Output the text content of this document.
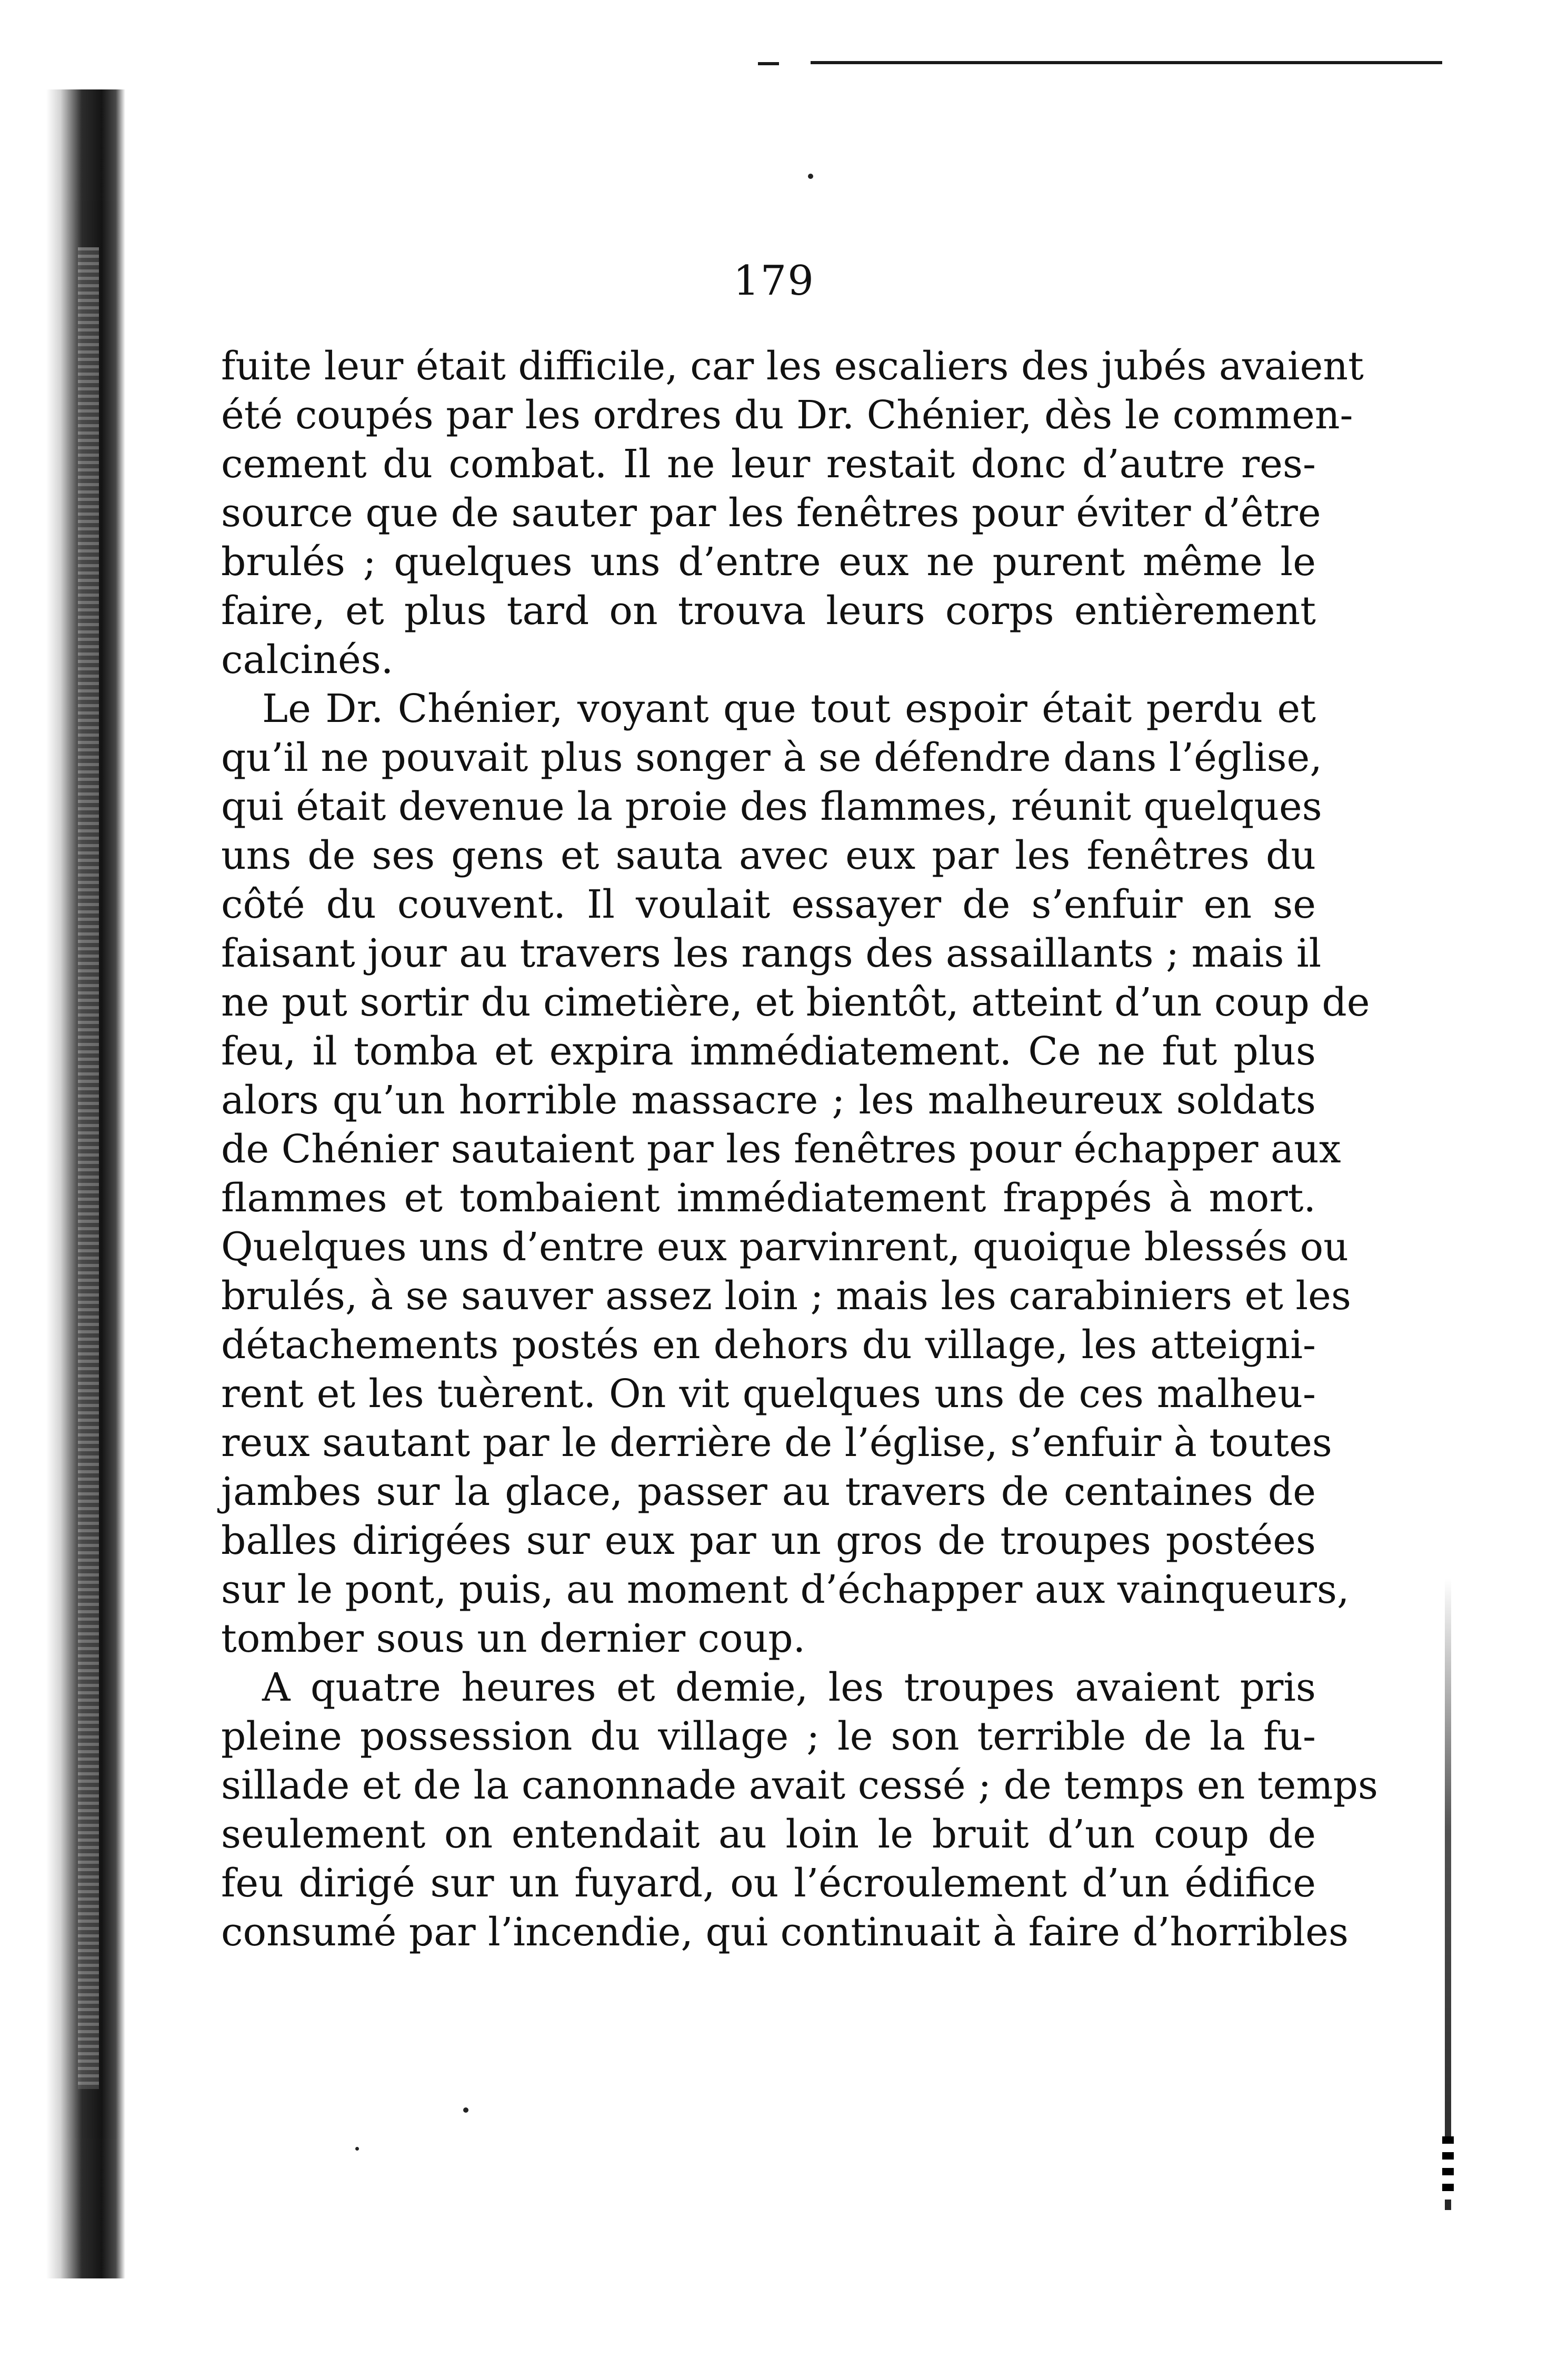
179
fuite leur était difficile, car les escaliers des jubés avaient
été coupés par les ordres du Dr. Chénier, dès le commen-
cement du combat. Il ne leur restait donc d’autre res-
source que de sauter par les fenêtres pour éviter d’être
brulés ; quelques uns d’entre eux ne purent même le
faire, et plus tard on trouva leurs corps entièrement
calcinés.
Le Dr. Chénier, voyant que tout espoir était perdu et
qu’il ne pouvait plus songer à se défendre dans l’église,
qui était devenue la proie des flammes, réunit quelques
uns de ses gens et sauta avec eux par les fenêtres du
côté du couvent. Il voulait essayer de s’enfuir en se
faisant jour au travers les rangs des assaillants ; mais il
ne put sortir du cimetière, et bientôt, atteint d’un coup de
feu, il tomba et expira immédiatement. Ce ne fut plus
alors qu’un horrible massacre ; les malheureux soldats
de Chénier sautaient par les fenêtres pour échapper aux
flammes et tombaient immédiatement frappés à mort.
Quelques uns d’entre eux parvinrent, quoique blessés ou
brulés, à se sauver assez loin ; mais les carabiniers et les
détachements postés en dehors du village, les atteigni-
rent et les tuèrent. On vit quelques uns de ces malheu-
reux sautant par le derrière de l’église, s’enfuir à toutes
jambes sur la glace, passer au travers de centaines de
balles dirigées sur eux par un gros de troupes postées
sur le pont, puis, au moment d’échapper aux vainqueurs,
tomber sous un dernier coup.
A quatre heures et demie, les troupes avaient pris
pleine possession du village ; le son terrible de la fu-
sillade et de la canonnade avait cessé ; de temps en temps
seulement on entendait au loin le bruit d’un coup de
feu dirigé sur un fuyard, ou l’écroulement d’un édifice
consumé par l’incendie, qui continuait à faire d’horribles
